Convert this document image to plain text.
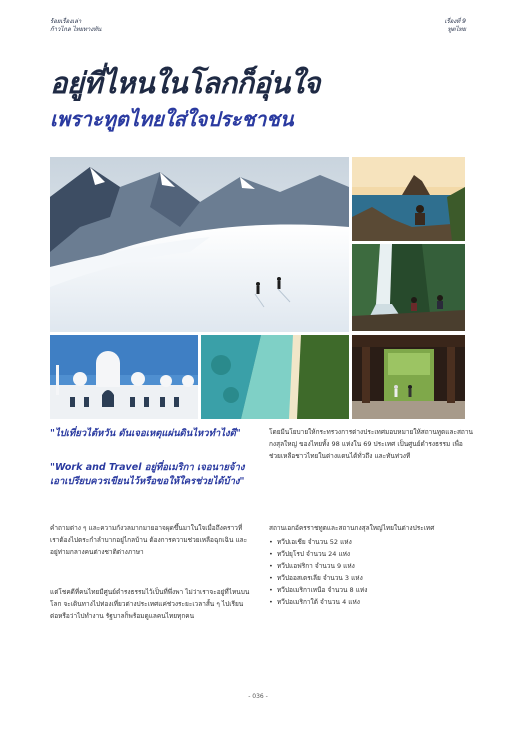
ร้อยเรื่องเล่า
ก้าวไกล ไทยทางทัน
เรื่องที่ 9
ทูตไทย
อยู่ที่ไหนในโลกก็อุ่นใจ
เพราะทูตไทยใส่ใจประชาชน
"ไปเที่ยวไต้หวัน ดันเจอเหตุแผ่นดินไหวทำไงดี"
"Work and Travel อยู่ที่อเมริกา เจอนายจ้างเอาเปรียบควรเขียนไว้หรือขอให้ใครช่วยได้บ้าง"
คำถามต่าง ๆ และความกังวลมากมายอาจผุดขึ้นมาในใจเมื่อถึงคราวที่เราต้องไปตระกำลำบากอยู่ไกลบ้าน ต้องการความช่วยเหลือฉุกเฉิน และอยู่ท่ามกลางคนต่างชาติต่างภาษา
แต่โชคดีที่คนไทยมีศูนย์ดำรงธรรมไว้เป็นที่พึ่งพา ไม่ว่าเราจะอยู่ที่ไหนบนโลก จะเดินทางไปท่องเที่ยวต่างประเทศแค่ช่วงระยะเวลาสั้น ๆ ไปเรียนต่อหรือว่าไปทำงาน รัฐบาลก็พร้อมดูแลคนไทยทุกคน
โดยมีนโยบายให้กระทรวงการต่างประเทศมอบหมายให้สถานทูตและสถานกงสุลใหญ่ ของไทยทั้ง 98 แห่งใน 69 ประเทศ เป็นศูนย์ดำรงธรรม เพื่อช่วยเหลือชาวไทยในต่างแดนได้ทั่วถึง และทันท่วงที
สถานเอกอัครราชทูตและสถานกงสุลใหญ่ไทยในต่างประเทศ
• ทวีปเอเชีย จำนวน 52 แห่ง
• ทวีปยุโรป จำนวน 24 แห่ง
• ทวีปแอฟริกา จำนวน 9 แห่ง
• ทวีปออสเตรเลีย จำนวน 3 แห่ง
• ทวีปอเมริกาเหนือ จำนวน 8 แห่ง
• ทวีปอเมริกาใต้ จำนวน 4 แห่ง
- 036 -
